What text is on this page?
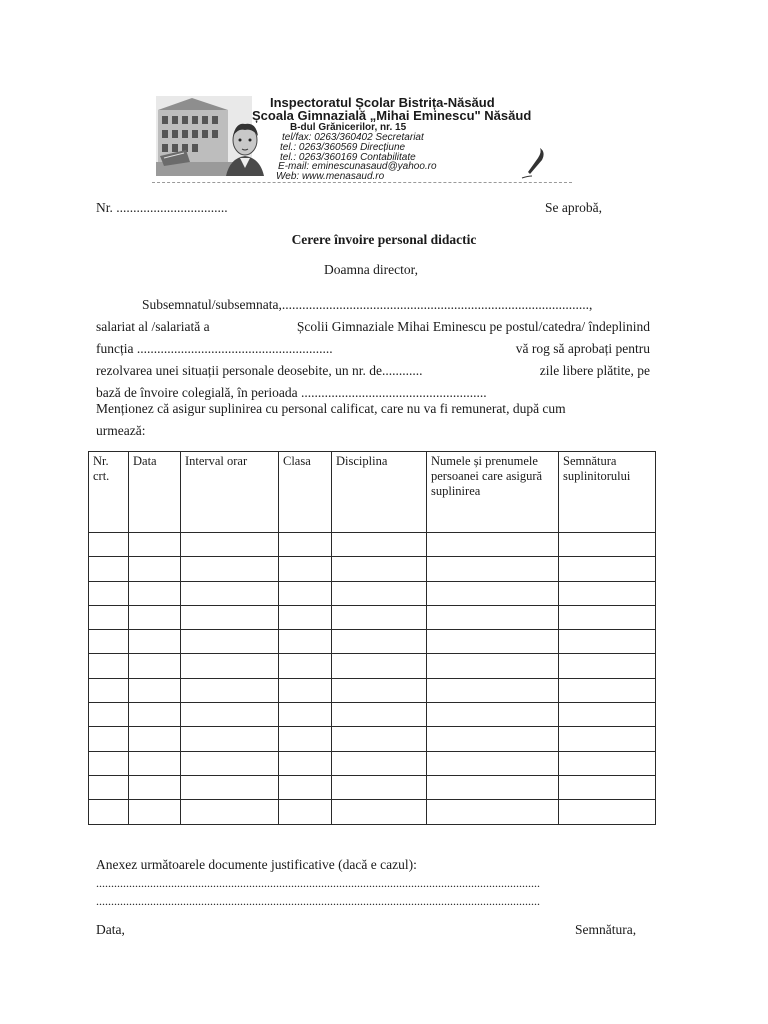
Inspectoratul Școlar Bistrița-Năsăud
Școala Gimnazială „Mihai Eminescu" Năsăud
B-dul Grănicerilor, nr. 15
tel/fax: 0263/360402 Secretariat
tel.: 0263/360569 Direcțiune
tel.: 0263/360169 Contabilitate
E-mail: eminescunasaud@yahoo.ro
Web: www.menasaud.ro
Nr. .................................	Se aprobă,
Cerere învoire personal didactic
Doamna director,
Subsemnatul/subsemnata,...........................................................................................,
salariat al /salariată a	Școlii Gimnaziale Mihai Eminescu pe postul/catedra/ îndeplinind
funcția ..........................................................	vă rog să aprobați pentru
rezolvarea unei situații personale deosebite, un nr. de............	zile libere plătite, pe
bază de învoire colegială, în perioada .......................................................
Menționez că asigur suplinirea cu personal calificat, care nu va fi remunerat, după cum
urmează:
Nr. crt.	Data	Interval orar	Clasa	Disciplina	Numele și prenumele persoanei care asigură suplinirea	Semnătura suplinitorului

Anexez următoarele documente justificative (dacă e cazul):
....................................................................................................................................................
....................................................................................................................................................
Data,	Semnătura,
